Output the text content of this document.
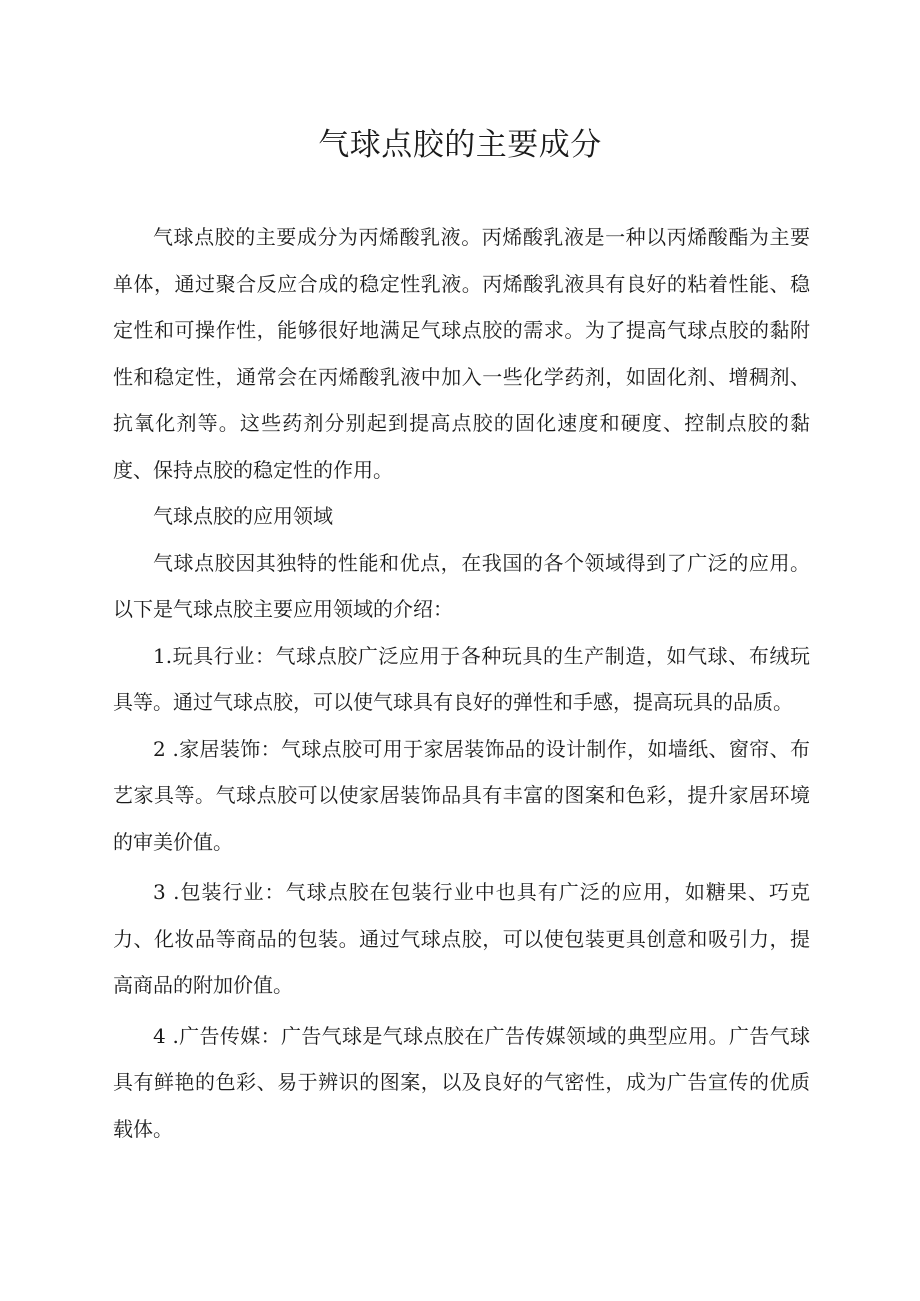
气球点胶的主要成分

气球点胶的主要成分为丙烯酸乳液。丙烯酸乳液是一种以丙烯酸酯为主要单体，通过聚合反应合成的稳定性乳液。丙烯酸乳液具有良好的粘着性能、稳定性和可操作性，能够很好地满足气球点胶的需求。为了提高气球点胶的黏附性和稳定性，通常会在丙烯酸乳液中加入一些化学药剂，如固化剂、增稠剂、抗氧化剂等。这些药剂分别起到提高点胶的固化速度和硬度、控制点胶的黏度、保持点胶的稳定性的作用。

气球点胶的应用领域

气球点胶因其独特的性能和优点，在我国的各个领域得到了广泛的应用。以下是气球点胶主要应用领域的介绍：

1.玩具行业：气球点胶广泛应用于各种玩具的生产制造，如气球、布绒玩具等。通过气球点胶，可以使气球具有良好的弹性和手感，提高玩具的品质。

2 .家居装饰：气球点胶可用于家居装饰品的设计制作，如墙纸、窗帘、布艺家具等。气球点胶可以使家居装饰品具有丰富的图案和色彩，提升家居环境的审美价值。

3 .包装行业：气球点胶在包装行业中也具有广泛的应用，如糖果、巧克力、化妆品等商品的包装。通过气球点胶，可以使包装更具创意和吸引力，提高商品的附加价值。

4 .广告传媒：广告气球是气球点胶在广告传媒领域的典型应用。广告气球具有鲜艳的色彩、易于辨识的图案，以及良好的气密性，成为广告宣传的优质载体。
